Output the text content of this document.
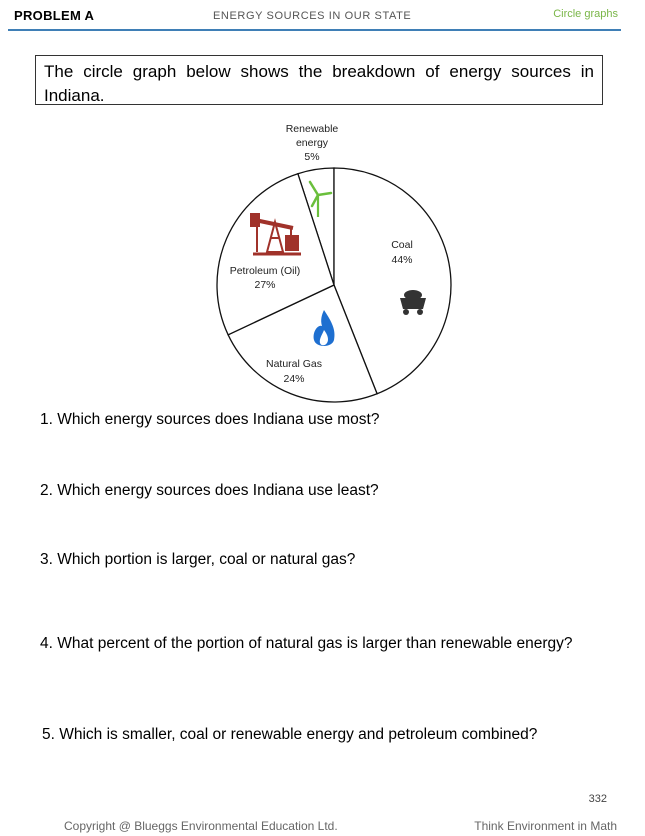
PROBLEM A	ENERGY SOURCES IN OUR STATE	Circle graphs
The circle graph below shows the breakdown of energy sources in Indiana.
Renewable
energy
5%
Coal
44%
Natural Gas
24%
Petroleum (Oil)
27%
1. Which energy sources does Indiana use most?
2. Which energy sources does Indiana use least?
3. Which portion is larger, coal or natural gas?
4. What percent of the portion of natural gas is larger than renewable energy?
5. Which is smaller, coal or renewable energy and petroleum combined?
332
Copyright @ Blueggs Environmental Education Ltd.	Think Environment in Math
